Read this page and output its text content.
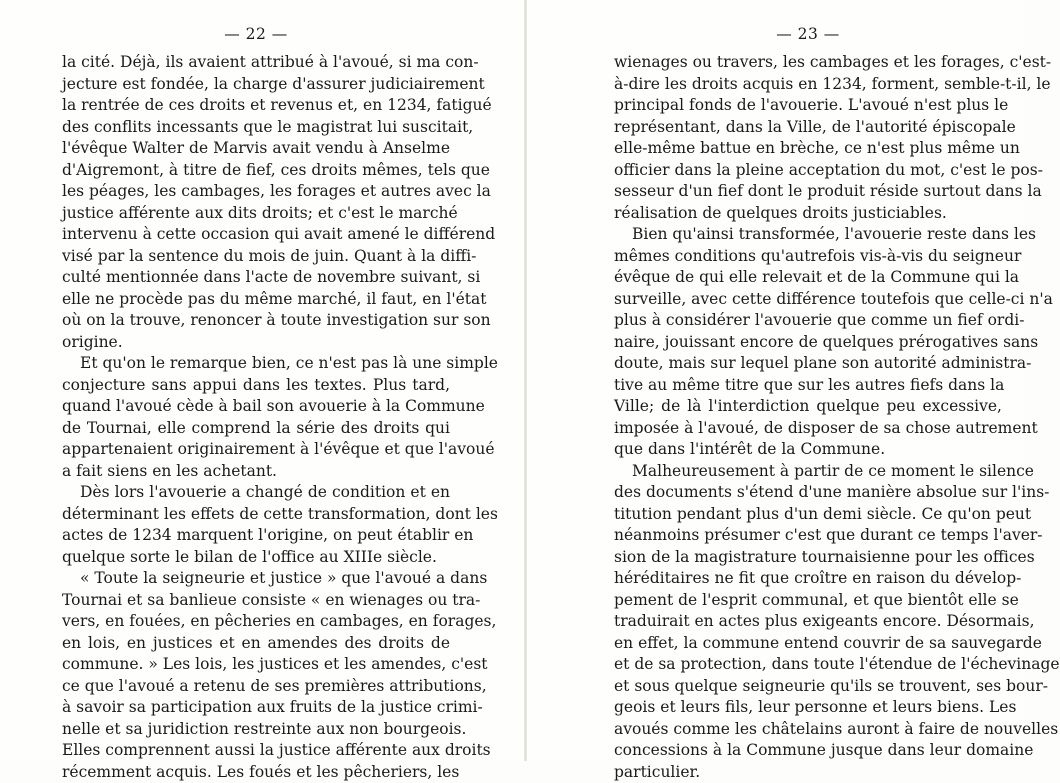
— 22 —
la cité. Déjà, ils avaient attribué à l'avoué, si ma con-
jecture est fondée, la charge d'assurer judiciairement
la rentrée de ces droits et revenus et, en 1234, fatigué
des conflits incessants que le magistrat lui suscitait,
l'évêque Walter de Marvis avait vendu à Anselme
d'Aigremont, à titre de fief, ces droits mêmes, tels que
les péages, les cambages, les forages et autres avec la
justice afférente aux dits droits; et c'est le marché
intervenu à cette occasion qui avait amené le différend
visé par la sentence du mois de juin. Quant à la diffi-
culté mentionnée dans l'acte de novembre suivant, si
elle ne procède pas du même marché, il faut, en l'état
où on la trouve, renoncer à toute investigation sur son
origine.
Et qu'on le remarque bien, ce n'est pas là une simple
conjecture sans appui dans les textes. Plus tard,
quand l'avoué cède à bail son avouerie à la Commune
de Tournai, elle comprend la série des droits qui
appartenaient originairement à l'évêque et que l'avoué
a fait siens en les achetant.
Dès lors l'avouerie a changé de condition et en
déterminant les effets de cette transformation, dont les
actes de 1234 marquent l'origine, on peut établir en
quelque sorte le bilan de l'office au XIIIe siècle.
« Toute la seigneurie et justice » que l'avoué a dans
Tournai et sa banlieue consiste « en wienages ou tra-
vers, en fouées, en pêcheries en cambages, en forages,
en lois, en justices et en amendes des droits de
commune. » Les lois, les justices et les amendes, c'est
ce que l'avoué a retenu de ses premières attributions,
à savoir sa participation aux fruits de la justice crimi-
nelle et sa juridiction restreinte aux non bourgeois.
Elles comprennent aussi la justice afférente aux droits
récemment acquis. Les foués et les pêcheriers, les
— 23 —
wienages ou travers, les cambages et les forages, c'est-
à-dire les droits acquis en 1234, forment, semble-t-il, le
principal fonds de l'avouerie. L'avoué n'est plus le
représentant, dans la Ville, de l'autorité épiscopale
elle-même battue en brèche, ce n'est plus même un
officier dans la pleine acceptation du mot, c'est le pos-
sesseur d'un fief dont le produit réside surtout dans la
réalisation de quelques droits justiciables.
Bien qu'ainsi transformée, l'avouerie reste dans les
mêmes conditions qu'autrefois vis-à-vis du seigneur
évêque de qui elle relevait et de la Commune qui la
surveille, avec cette différence toutefois que celle-ci n'a
plus à considérer l'avouerie que comme un fief ordi-
naire, jouissant encore de quelques prérogatives sans
doute, mais sur lequel plane son autorité administra-
tive au même titre que sur les autres fiefs dans la
Ville; de là l'interdiction quelque peu excessive,
imposée à l'avoué, de disposer de sa chose autrement
que dans l'intérêt de la Commune.
Malheureusement à partir de ce moment le silence
des documents s'étend d'une manière absolue sur l'ins-
titution pendant plus d'un demi siècle. Ce qu'on peut
néanmoins présumer c'est que durant ce temps l'aver-
sion de la magistrature tournaisienne pour les offices
héréditaires ne fit que croître en raison du dévelop-
pement de l'esprit communal, et que bientôt elle se
traduirait en actes plus exigeants encore. Désormais,
en effet, la commune entend couvrir de sa sauvegarde
et de sa protection, dans toute l'étendue de l'échevinage
et sous quelque seigneurie qu'ils se trouvent, ses bour-
geois et leurs fils, leur personne et leurs biens. Les
avoués comme les châtelains auront à faire de nouvelles
concessions à la Commune jusque dans leur domaine
particulier.
